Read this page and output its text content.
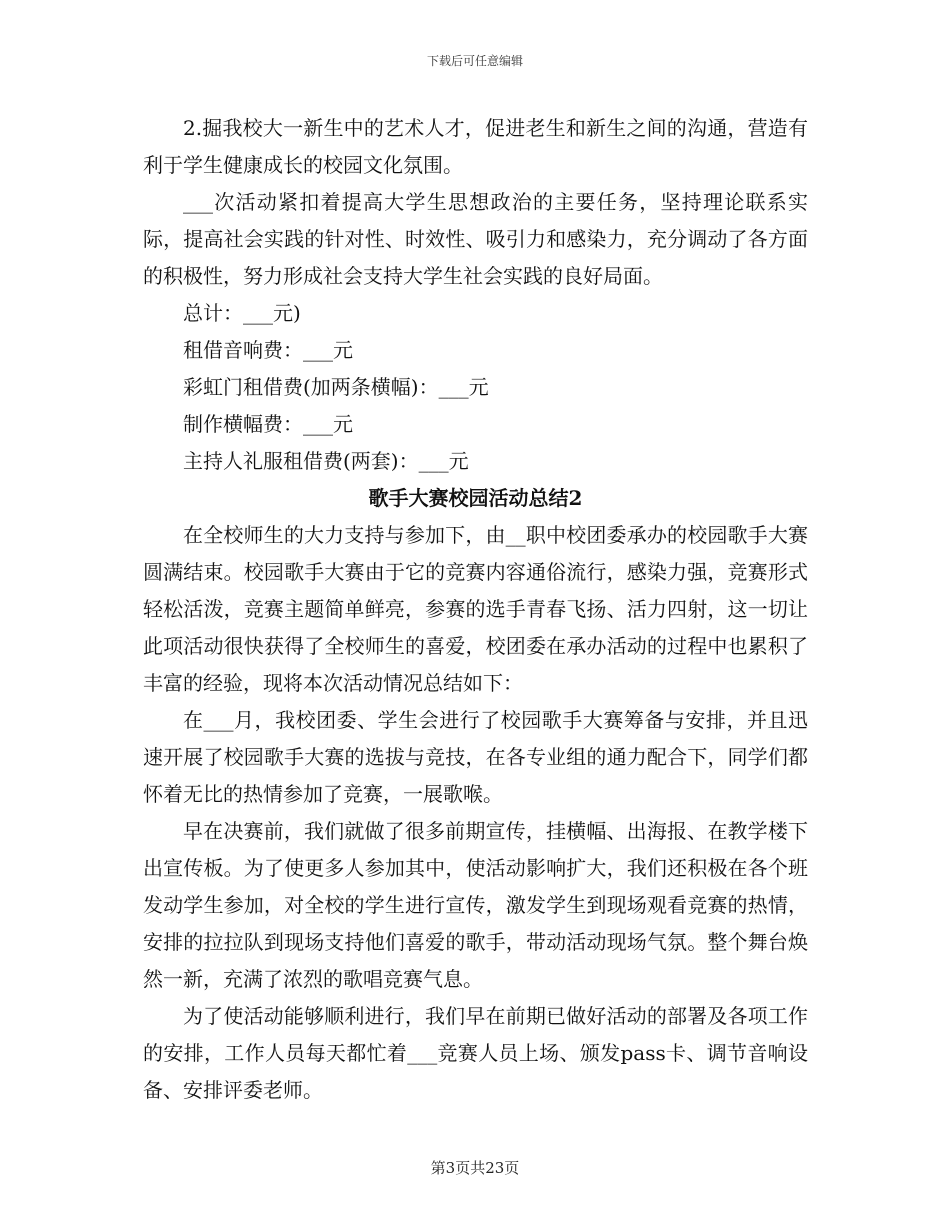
下载后可任意编辑

2.掘我校大一新生中的艺术人才，促进老生和新生之间的沟通，营造有利于学生健康成长的校园文化氛围。

___次活动紧扣着提高大学生思想政治的主要任务，坚持理论联系实际，提高社会实践的针对性、时效性、吸引力和感染力，充分调动了各方面的积极性，努力形成社会支持大学生社会实践的良好局面。

总计：___元)

租借音响费：___元

彩虹门租借费(加两条横幅)：___元

制作横幅费：___元

主持人礼服租借费(两套)：___元

歌手大赛校园活动总结2

在全校师生的大力支持与参加下，由__职中校团委承办的校园歌手大赛圆满结束。校园歌手大赛由于它的竞赛内容通俗流行，感染力强，竞赛形式轻松活泼，竞赛主题简单鲜亮，参赛的选手青春飞扬、活力四射，这一切让此项活动很快获得了全校师生的喜爱，校团委在承办活动的过程中也累积了丰富的经验，现将本次活动情况总结如下：

在___月，我校团委、学生会进行了校园歌手大赛筹备与安排，并且迅速开展了校园歌手大赛的选拔与竞技，在各专业组的通力配合下，同学们都怀着无比的热情参加了竞赛，一展歌喉。

早在决赛前，我们就做了很多前期宣传，挂横幅、出海报、在教学楼下出宣传板。为了使更多人参加其中，使活动影响扩大，我们还积极在各个班发动学生参加，对全校的学生进行宣传，激发学生到现场观看竞赛的热情，安排的拉拉队到现场支持他们喜爱的歌手，带动活动现场气氛。整个舞台焕然一新，充满了浓烈的歌唱竞赛气息。

为了使活动能够顺利进行，我们早在前期已做好活动的部署及各项工作的安排，工作人员每天都忙着___竞赛人员上场、颁发pass卡、调节音响设备、安排评委老师。

第3页共23页
